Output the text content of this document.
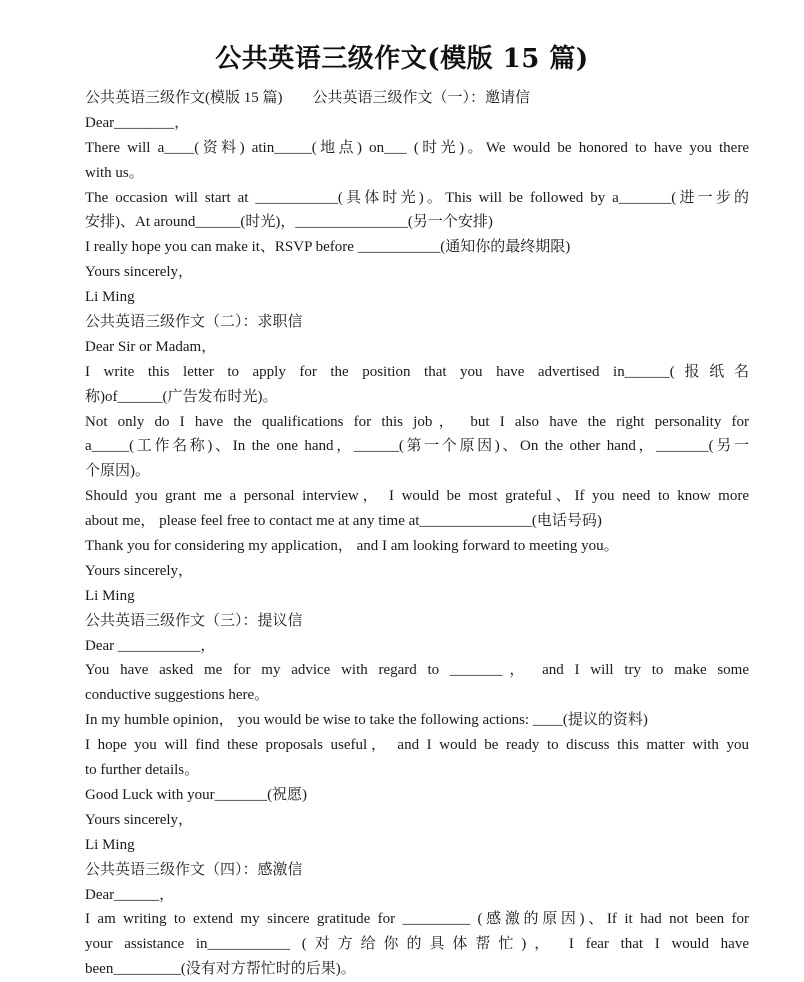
公共英语三级作文(模版 15 篇)
公共英语三级作文(模版 15 篇)　　公共英语三级作文（一）：邀请信
Dear________，
There will a____(资料) atin_____(地点) on___ (时光)。We would be honored to have you there
with us。
The occasion will start at ___________(具体时光)。This will be followed by a_______(进一步的
安排)、At around______(时光)，_______________(另一个安排)
I really hope you can make it、RSVP before ___________(通知你的最终期限)
Yours sincerely，
Li Ming
公共英语三级作文（二）：求职信
Dear Sir or Madam，
I write this letter to apply for the position that you have advertised in______(报纸名
称)of______(广告发布时光)。
Not only do I have the qualifications for this job， but I also have the right personality for
a_____(工作名称)、In the one hand，______(第一个原因)、On the other hand，_______(另一
个原因)。
Should you grant me a personal interview， I would be most grateful、If you need to know more
about me， please feel free to contact me at any time at_______________(电话号码)
Thank you for considering my application， and I am looking forward to meeting you。
Yours sincerely，
Li Ming
公共英语三级作文（三）：提议信
Dear ___________，
You have asked me for my advice with regard to _______， and I will try to make some
conductive suggestions here。
In my humble opinion， you would be wise to take the following actions: ____(提议的资料)
I hope you will find these proposals useful， and I would be ready to discuss this matter with you
to further details。
Good Luck with your_______(祝愿)
Yours sincerely，
Li Ming
公共英语三级作文（四）：感激信
Dear______，
I am writing to extend my sincere gratitude for _________ (感激的原因)、If it had not been for
your assistance in___________ (对方给你的具体帮忙)， I fear that I would have
been_________(没有对方帮忙时的后果)。
